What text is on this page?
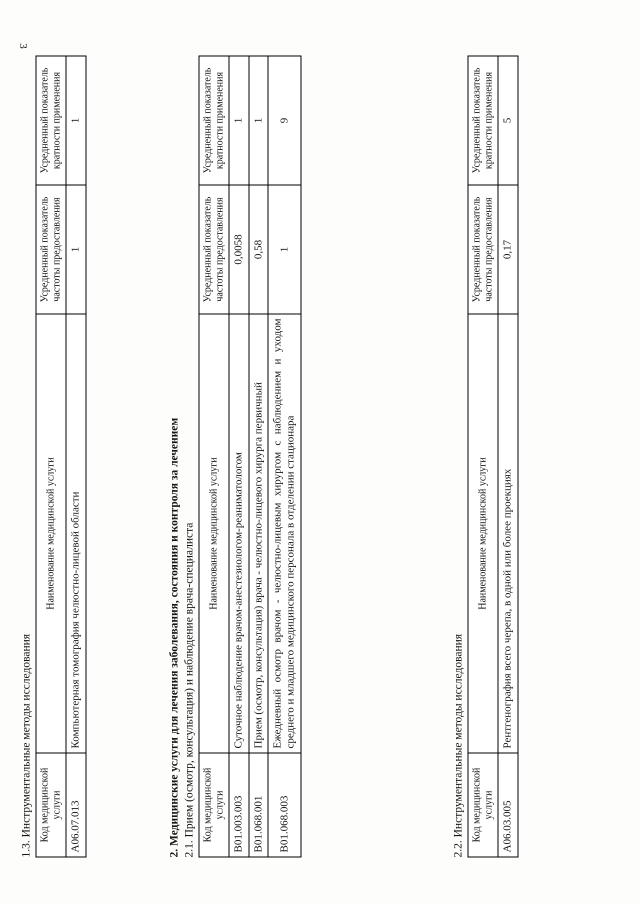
3
1.3. Инструментальные методы исследования Код медицинской услуги	Наименование медицинской услуги	Усредненный показатель частоты предоставления	Усредненный показатель кратности применения
А06.07.013	Компьютерная томография челюстно-лицевой области	1	1
2. Медицинские услуги для лечения заболевания, состояния и контроля за лечением 2.1. Прием (осмотр, консультация) и наблюдение врача-специалиста Код медицинской услуги	Наименование медицинской услуги	Усредненный показатель частоты предоставления	Усредненный показатель кратности применения
В01.003.003	Суточное наблюдение врачом-анестезиологом-реаниматологом	0,0058	1
В01.068.001	Прием (осмотр, консультация) врача - челюстно-лицевого хирурга первичный	0,58	1
В01.068.003	Ежедневный осмотр врачом - челюстно-лицевым хирургом с наблюдением и уходом среднего и младшего медицинского персонала в отделении стационара	1	9
2.2. Инструментальные методы исследования Код медицинской услуги	Наименование медицинской услуги	Усредненный показатель частоты предоставления	Усредненный показатель кратности применения
А06.03.005	Рентгенография всего черепа, в одной или более проекциях	0,17	5
